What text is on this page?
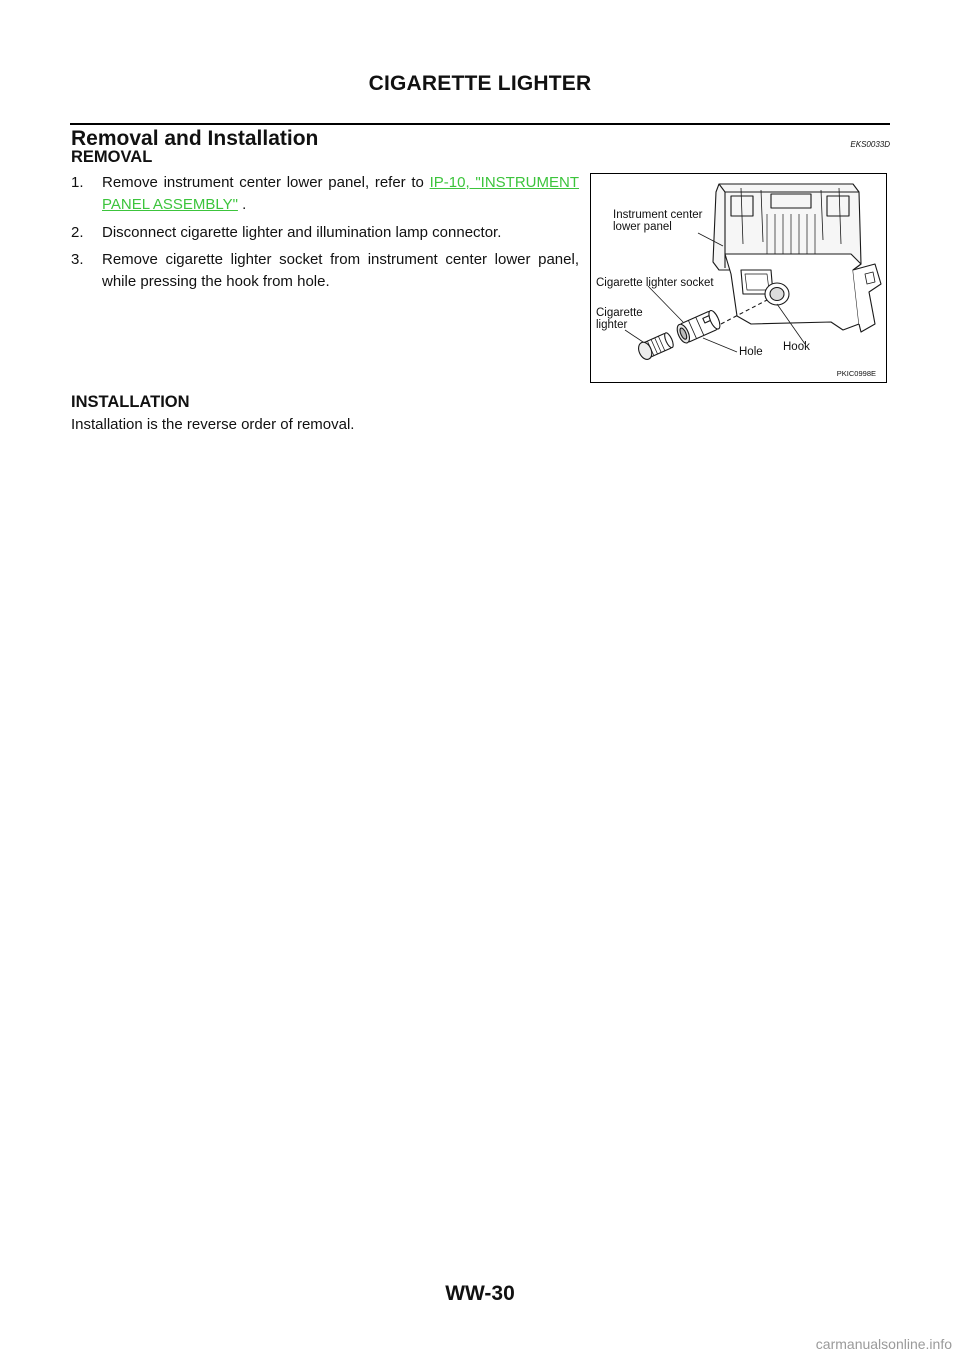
CIGARETTE LIGHTER
Removal and Installation	EKS0033D
REMOVAL
1. Remove instrument center lower panel, refer to IP-10, "INSTRUMENT PANEL ASSEMBLY" .
2. Disconnect cigarette lighter and illumination lamp connector.
3. Remove cigarette lighter socket from instrument center lower panel, while pressing the hook from hole.
INSTALLATION
Installation is the reverse order of removal.
Instrument center
lower panel
Cigarette lighter socket
Cigarette
lighter
Hole Hook
PKIC0998E
WW-30
carmanualsonline.info
